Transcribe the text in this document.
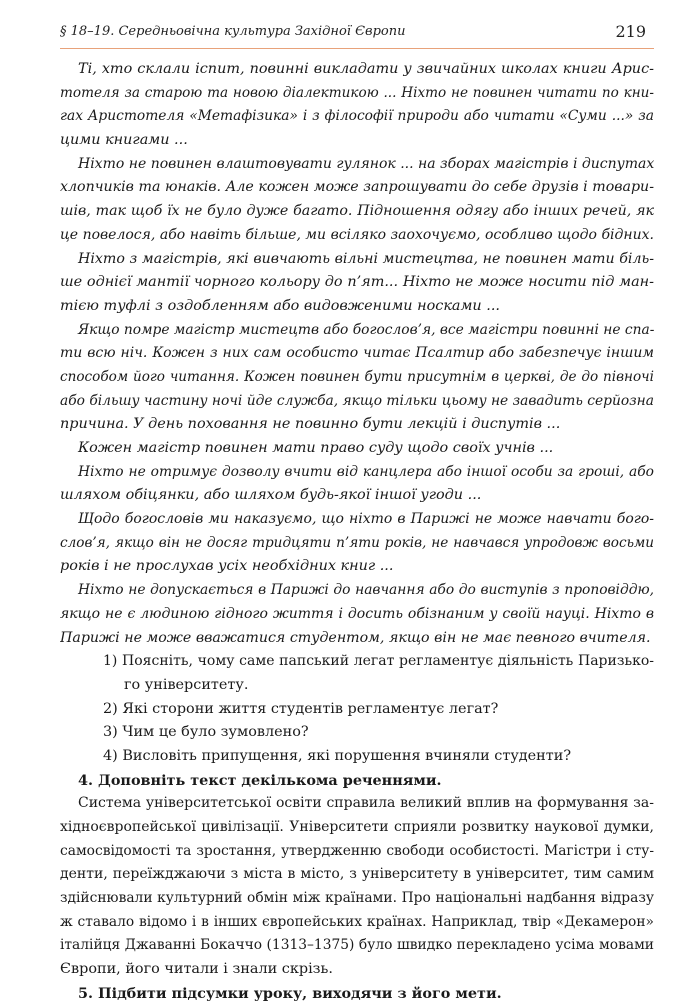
§ 18–19. Середньовічна культура Західної Європи	219
Ті, хто склали іспит, повинні викладати у звичайних школах книги Арис-
тотеля за старою та новою діалектикою ... Ніхто не повинен читати по кни-
гах Аристотеля «Метафізика» і з філософії природи або читати «Суми ...» за
цими книгами ...
Ніхто не повинен влаштовувати гулянок ... на зборах магістрів і диспутах
хлопчиків та юнаків. Але кожен може запрошувати до себе друзів і товари-
шів, так щоб їх не було дуже багато. Підношення одягу або інших речей, як
це повелося, або навіть більше, ми всіляко заохочуємо, особливо щодо бідних.
Ніхто з магістрів, які вивчають вільні мистецтва, не повинен мати біль-
ше однієї мантії чорного кольору до п’ят... Ніхто не може носити під ман-
тією туфлі з оздобленням або видовженими носками ...
Якщо помре магістр мистецтв або богослов’я, все магістри повинні не спа-
ти всю ніч. Кожен з них сам особисто читає Псалтир або забезпечує іншим
способом його читання. Кожен повинен бути присутнім в церкві, де до півночі
або більшу частину ночі йде служба, якщо тільки цьому не завадить серйозна
причина. У день поховання не повинно бути лекцій і диспутів ...
Кожен магістр повинен мати право суду щодо своїх учнів ...
Ніхто не отримує дозволу вчити від канцлера або іншої особи за гроші, або
шляхом обіцянки, або шляхом будь-якої іншої угоди ...
Щодо богословів ми наказуємо, що ніхто в Парижі не може навчати бого-
слов’я, якщо він не досяг тридцяти п’яти років, не навчався упродовж восьми
років і не прослухав усіх необхідних книг ...
Ніхто не допускається в Парижі до навчання або до виступів з проповіддю,
якщо не є людиною гідного життя і досить обізнаним у своїй науці. Ніхто в
Парижі не може вважатися студентом, якщо він не має певного вчителя.
1) Поясніть, чому саме папський легат регламентує діяльність Паризько-
го університету.
2) Які сторони життя студентів регламентує легат?
3) Чим це було зумовлено?
4) Висловіть припущення, які порушення вчиняли студенти?
4. Доповніть текст декількома реченнями.
Система університетської освіти справила великий вплив на формування за-
хідноєвропейської цивілізації. Університети сприяли розвитку наукової думки,
самосвідомості та зростання, утвердженню свободи особистості. Магістри і сту-
денти, переїжджаючи з міста в місто, з університету в університет, тим самим
здійснювали культурний обмін між країнами. Про національні надбання відразу
ж ставало відомо і в інших європейських країнах. Наприклад, твір «Декамерон»
італійця Джаванні Бокаччо (1313–1375) було швидко перекладено усіма мовами
Європи, його читали і знали скрізь.
5. Підбити підсумки уроку, виходячи з його мети.
